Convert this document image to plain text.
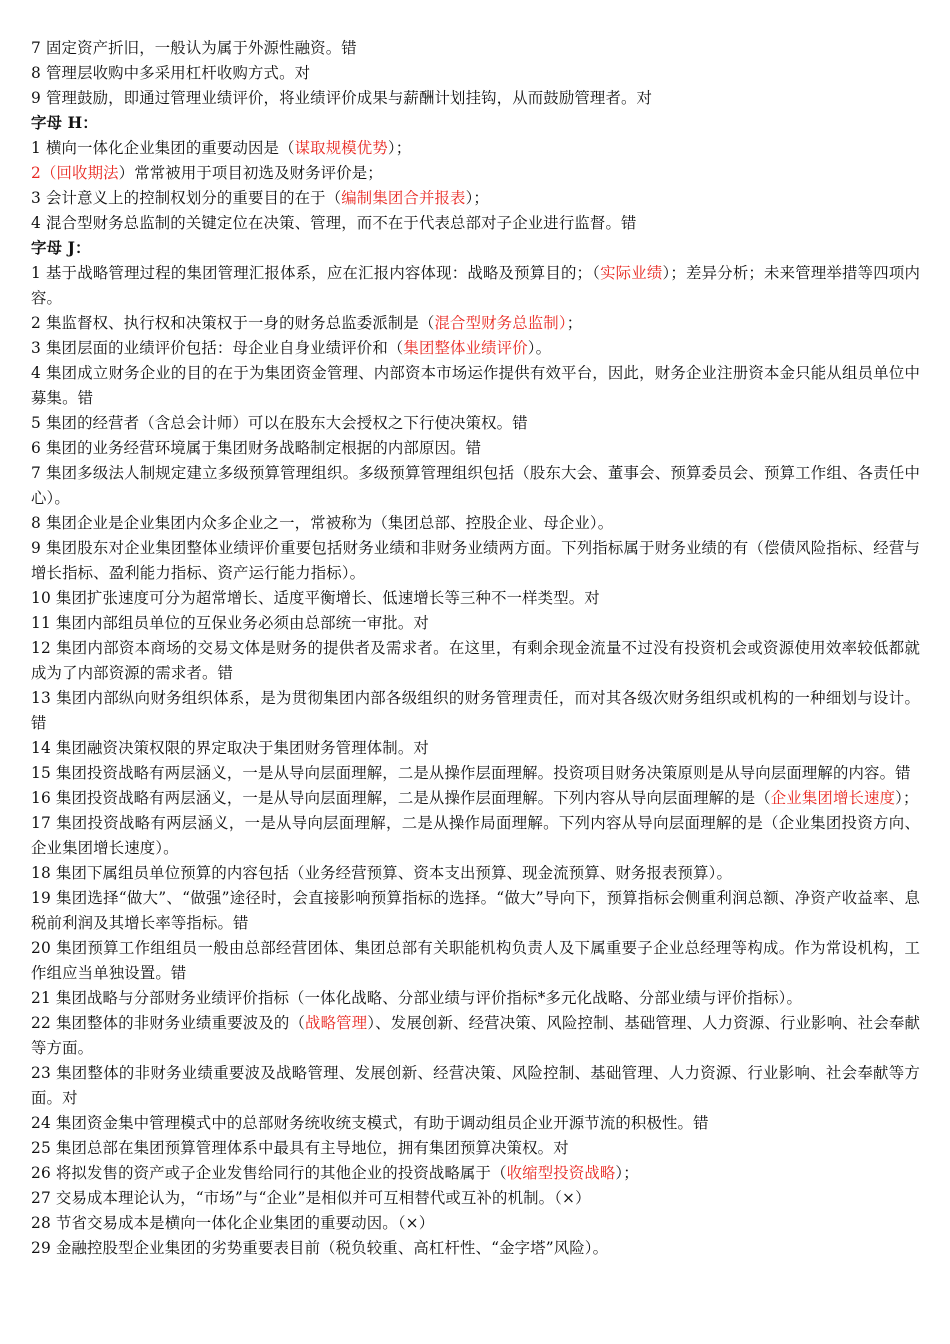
7 固定资产折旧，一般认为属于外源性融资。错

8 管理层收购中多采用杠杆收购方式。对

9 管理鼓励，即通过管理业绩评价，将业绩评价成果与薪酬计划挂钩，从而鼓励管理者。对

字母 H：

1 横向一体化企业集团的重要动因是（谋取规模优势）；

2（回收期法）常常被用于项目初选及财务评价是；

3 会计意义上的控制权划分的重要目的在于（编制集团合并报表）；

4 混合型财务总监制的关键定位在决策、管理，而不在于代表总部对子企业进行监督。错

字母 J：

1 基于战略管理过程的集团管理汇报体系，应在汇报内容体现：战略及预算目的；（实际业绩）；差异分析；未来管理举措等四项内容。

2 集监督权、执行权和决策权于一身的财务总监委派制是（混合型财务总监制）；

3 集团层面的业绩评价包括：母企业自身业绩评价和（集团整体业绩评价）。

4 集团成立财务企业的目的在于为集团资金管理、内部资本市场运作提供有效平台，因此，财务企业注册资本金只能从组员单位中募集。错

5 集团的经营者（含总会计师）可以在股东大会授权之下行使决策权。错

6 集团的业务经营环境属于集团财务战略制定根据的内部原因。错

7 集团多级法人制规定建立多级预算管理组织。多级预算管理组织包括（股东大会、董事会、预算委员会、预算工作组、各责任中心）。

8 集团企业是企业集团内众多企业之一，常被称为（集团总部、控股企业、母企业）。

9 集团股东对企业集团整体业绩评价重要包括财务业绩和非财务业绩两方面。下列指标属于财务业绩的有（偿债风险指标、经营与增长指标、盈利能力指标、资产运行能力指标）。

10 集团扩张速度可分为超常增长、适度平衡增长、低速增长等三种不一样类型。对

11 集团内部组员单位的互保业务必须由总部统一审批。对

12 集团内部资本商场的交易文体是财务的提供者及需求者。在这里，有剩余现金流量不过没有投资机会或资源使用效率较低都就成为了内部资源的需求者。错

13 集团内部纵向财务组织体系，是为贯彻集团内部各级组织的财务管理责任，而对其各级次财务组织或机构的一种细划与设计。错

14 集团融资决策权限的界定取决于集团财务管理体制。对

15 集团投资战略有两层涵义，一是从导向层面理解，二是从操作层面理解。投资项目财务决策原则是从导向层面理解的内容。错

16 集团投资战略有两层涵义，一是从导向层面理解，二是从操作层面理解。下列内容从导向层面理解的是（企业集团增长速度）；

17 集团投资战略有两层涵义，一是从导向层面理解，二是从操作局面理解。下列内容从导向层面理解的是（企业集团投资方向、企业集团增长速度）。

18 集团下属组员单位预算的内容包括（业务经营预算、资本支出预算、现金流预算、财务报表预算）。

19 集团选择“做大”、“做强”途径时，会直接影响预算指标的选择。“做大”导向下，预算指标会侧重利润总额、净资产收益率、息税前利润及其增长率等指标。错

20 集团预算工作组组员一般由总部经营团体、集团总部有关职能机构负责人及下属重要子企业总经理等构成。作为常设机构，工作组应当单独设置。错

21 集团战略与分部财务业绩评价指标（一体化战略、分部业绩与评价指标*多元化战略、分部业绩与评价指标）。

22 集团整体的非财务业绩重要波及的（战略管理）、发展创新、经营决策、风险控制、基础管理、人力资源、行业影响、社会奉献等方面。

23 集团整体的非财务业绩重要波及战略管理、发展创新、经营决策、风险控制、基础管理、人力资源、行业影响、社会奉献等方面。对

24 集团资金集中管理模式中的总部财务统收统支模式，有助于调动组员企业开源节流的积极性。错

25 集团总部在集团预算管理体系中最具有主导地位，拥有集团预算决策权。对

26 将拟发售的资产或子企业发售给同行的其他企业的投资战略属于（收缩型投资战略）；

27 交易成本理论认为，“市场”与“企业”是相似并可互相替代或互补的机制。（×）

28 节省交易成本是横向一体化企业集团的重要动因。（×）

29 金融控股型企业集团的劣势重要表目前（税负较重、高杠杆性、“金字塔”风险）。
